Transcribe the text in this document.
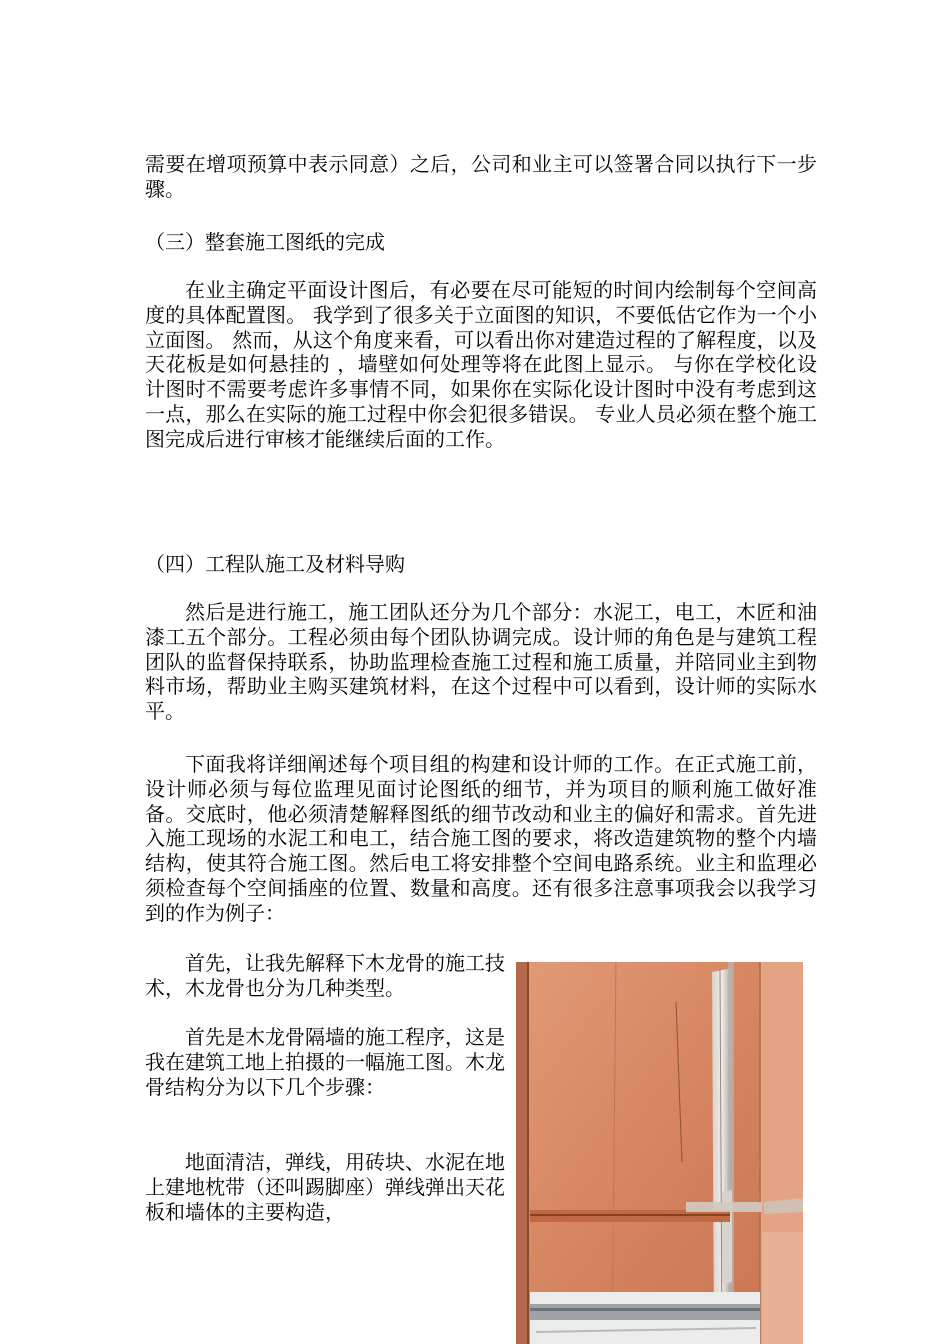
需要在增项预算中表示同意）之后，公司和业主可以签署合同以执行下一步骤。

（三）整套施工图纸的完成

在业主确定平面设计图后，有必要在尽可能短的时间内绘制每个空间高度的具体配置图。 我学到了很多关于立面图的知识，不要低估它作为一个小立面图。 然而，从这个角度来看，可以看出你对建造过程的了解程度，以及天花板是如何悬挂的 ，墙壁如何处理等将在此图上显示。 与你在学校化设计图时不需要考虑许多事情不同，如果你在实际化设计图时中没有考虑到这一点，那么在实际的施工过程中你会犯很多错误。 专业人员必须在整个施工图完成后进行审核才能继续后面的工作。

（四）工程队施工及材料导购

然后是进行施工，施工团队还分为几个部分：水泥工，电工，木匠和油漆工五个部分。工程必须由每个团队协调完成。设计师的角色是与建筑工程团队的监督保持联系，协助监理检查施工过程和施工质量，并陪同业主到物料市场，帮助业主购买建筑材料，在这个过程中可以看到，设计师的实际水平。

下面我将详细阐述每个项目组的构建和设计师的工作。在正式施工前，设计师必须与每位监理见面讨论图纸的细节，并为项目的顺利施工做好准备。交底时，他必须清楚解释图纸的细节改动和业主的偏好和需求。首先进入施工现场的水泥工和电工，结合施工图的要求，将改造建筑物的整个内墙结构，使其符合施工图。然后电工将安排整个空间电路系统。业主和监理必须检查每个空间插座的位置、数量和高度。还有很多注意事项我会以我学习到的作为例子：

首先，让我先解释下木龙骨的施工技术，木龙骨也分为几种类型。

首先是木龙骨隔墙的施工程序，这是我在建筑工地上拍摄的一幅施工图。木龙骨结构分为以下几个步骤：

地面清洁，弹线，用砖块、水泥在地上建地枕带（还叫踢脚座）弹线弹出天花板和墙体的主要构造，
